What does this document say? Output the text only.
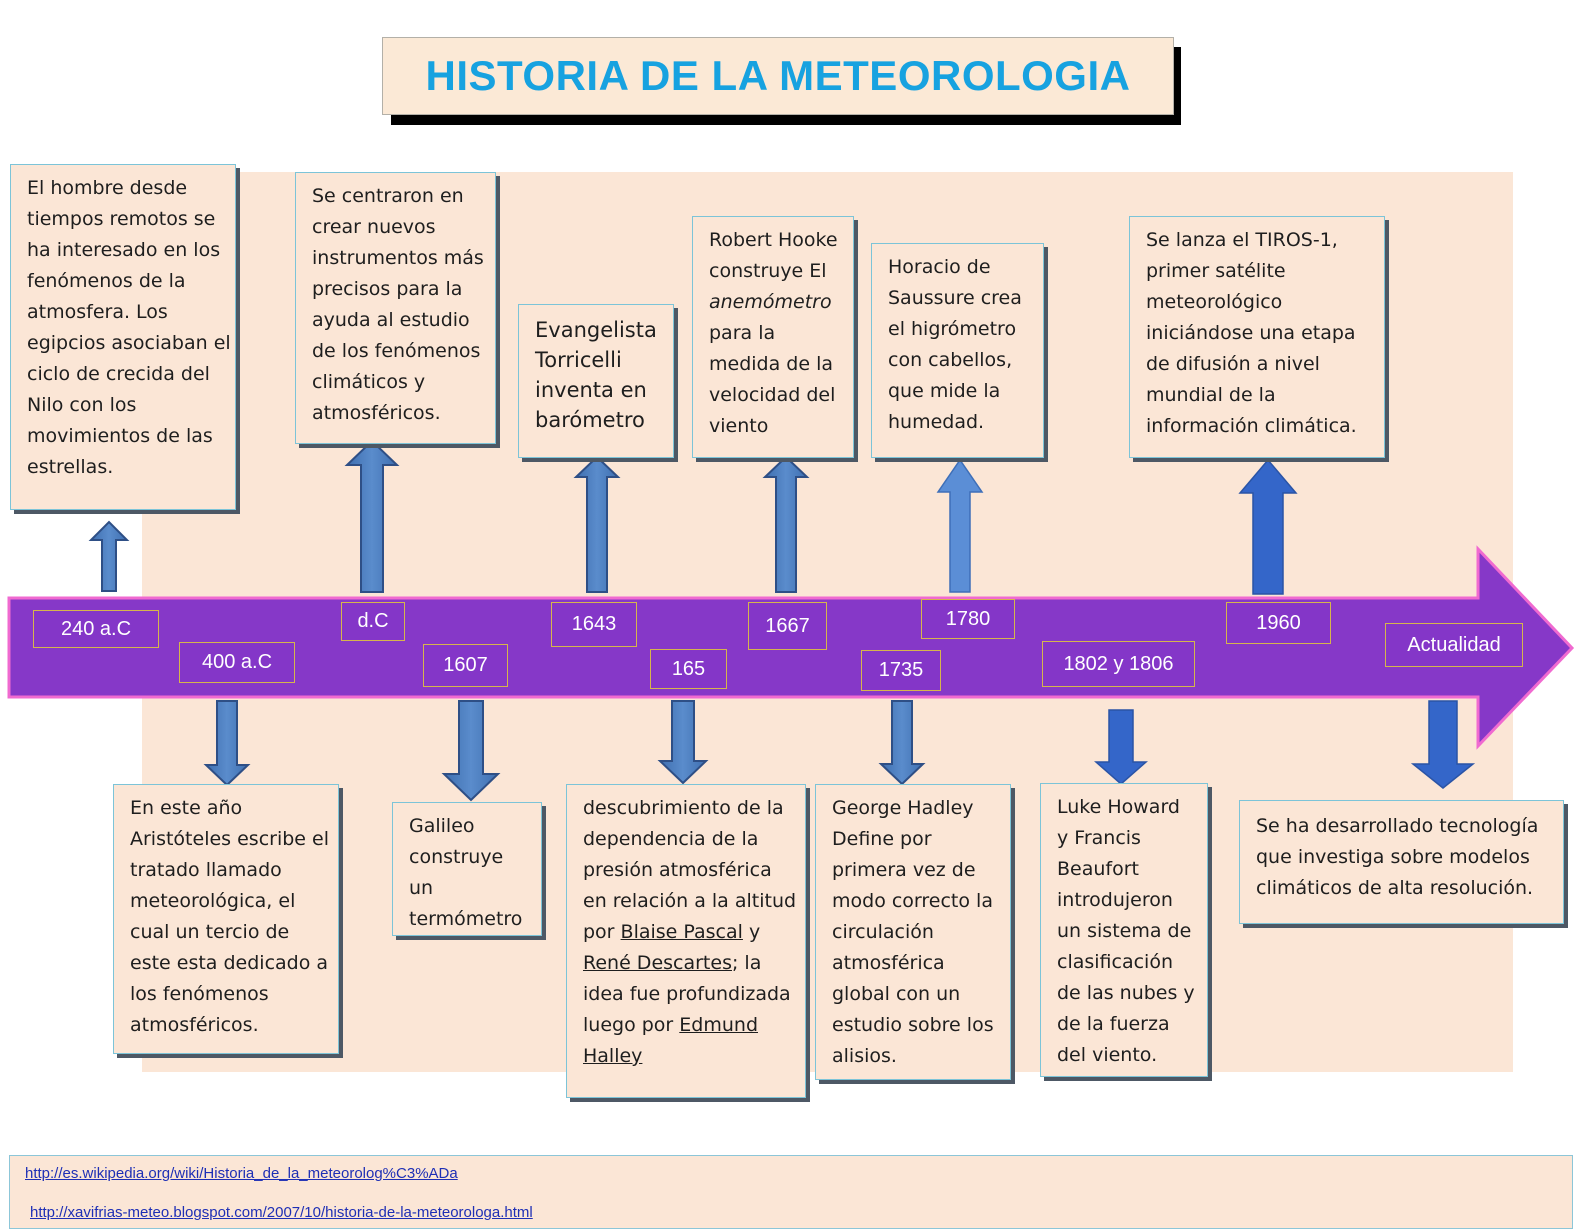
HISTORIA DE LA METEOROLOGIA
240 a.C
400 a.C
d.C
1607
1643
165
1667	1780
1735	1802 y 1806
1960
Actualidad
El hombre desde
tiempos remotos se
ha interesado en los
fenómenos de la
atmosfera. Los
egipcios asociaban el
ciclo de crecida del
Nilo con los
movimientos de las
estrellas.
Se centraron en
crear nuevos
instrumentos más
precisos para la
ayuda al estudio
de los fenómenos
climáticos y
atmosféricos.
Evangelista
Torricelli
inventa en
barómetro
Robert Hooke
construye El
anemómetro
para la
medida de la
velocidad del
viento
Horacio de
Saussure crea
el higrómetro
con cabellos,
que mide la
humedad.
Se lanza el TIROS-1,
primer satélite
meteorológico
iniciándose una etapa
de difusión a nivel
mundial de la
información climática.
En este año
Aristóteles escribe el
tratado llamado
meteorológica, el
cual un tercio de
este esta dedicado a
los fenómenos
atmosféricos.
Galileo
construye
un
termómetro
descubrimiento de la
dependencia de la
presión atmosférica
en relación a la altitud
por Blaise Pascal y
René Descartes; la
idea fue profundizada
luego por Edmund
Halley
George Hadley
Define por
primera vez de
modo correcto la
circulación
atmosférica
global con un
estudio sobre los
alisios.
Luke Howard
y Francis
Beaufort
introdujeron
un sistema de
clasificación
de las nubes y
de la fuerza
del viento.
Se ha desarrollado tecnología
que investiga sobre modelos
climáticos de alta resolución.
http://es.wikipedia.org/wiki/Historia_de_la_meteorolog%C3%ADa
http://xavifrias-meteo.blogspot.com/2007/10/historia-de-la-meteorologa.html
